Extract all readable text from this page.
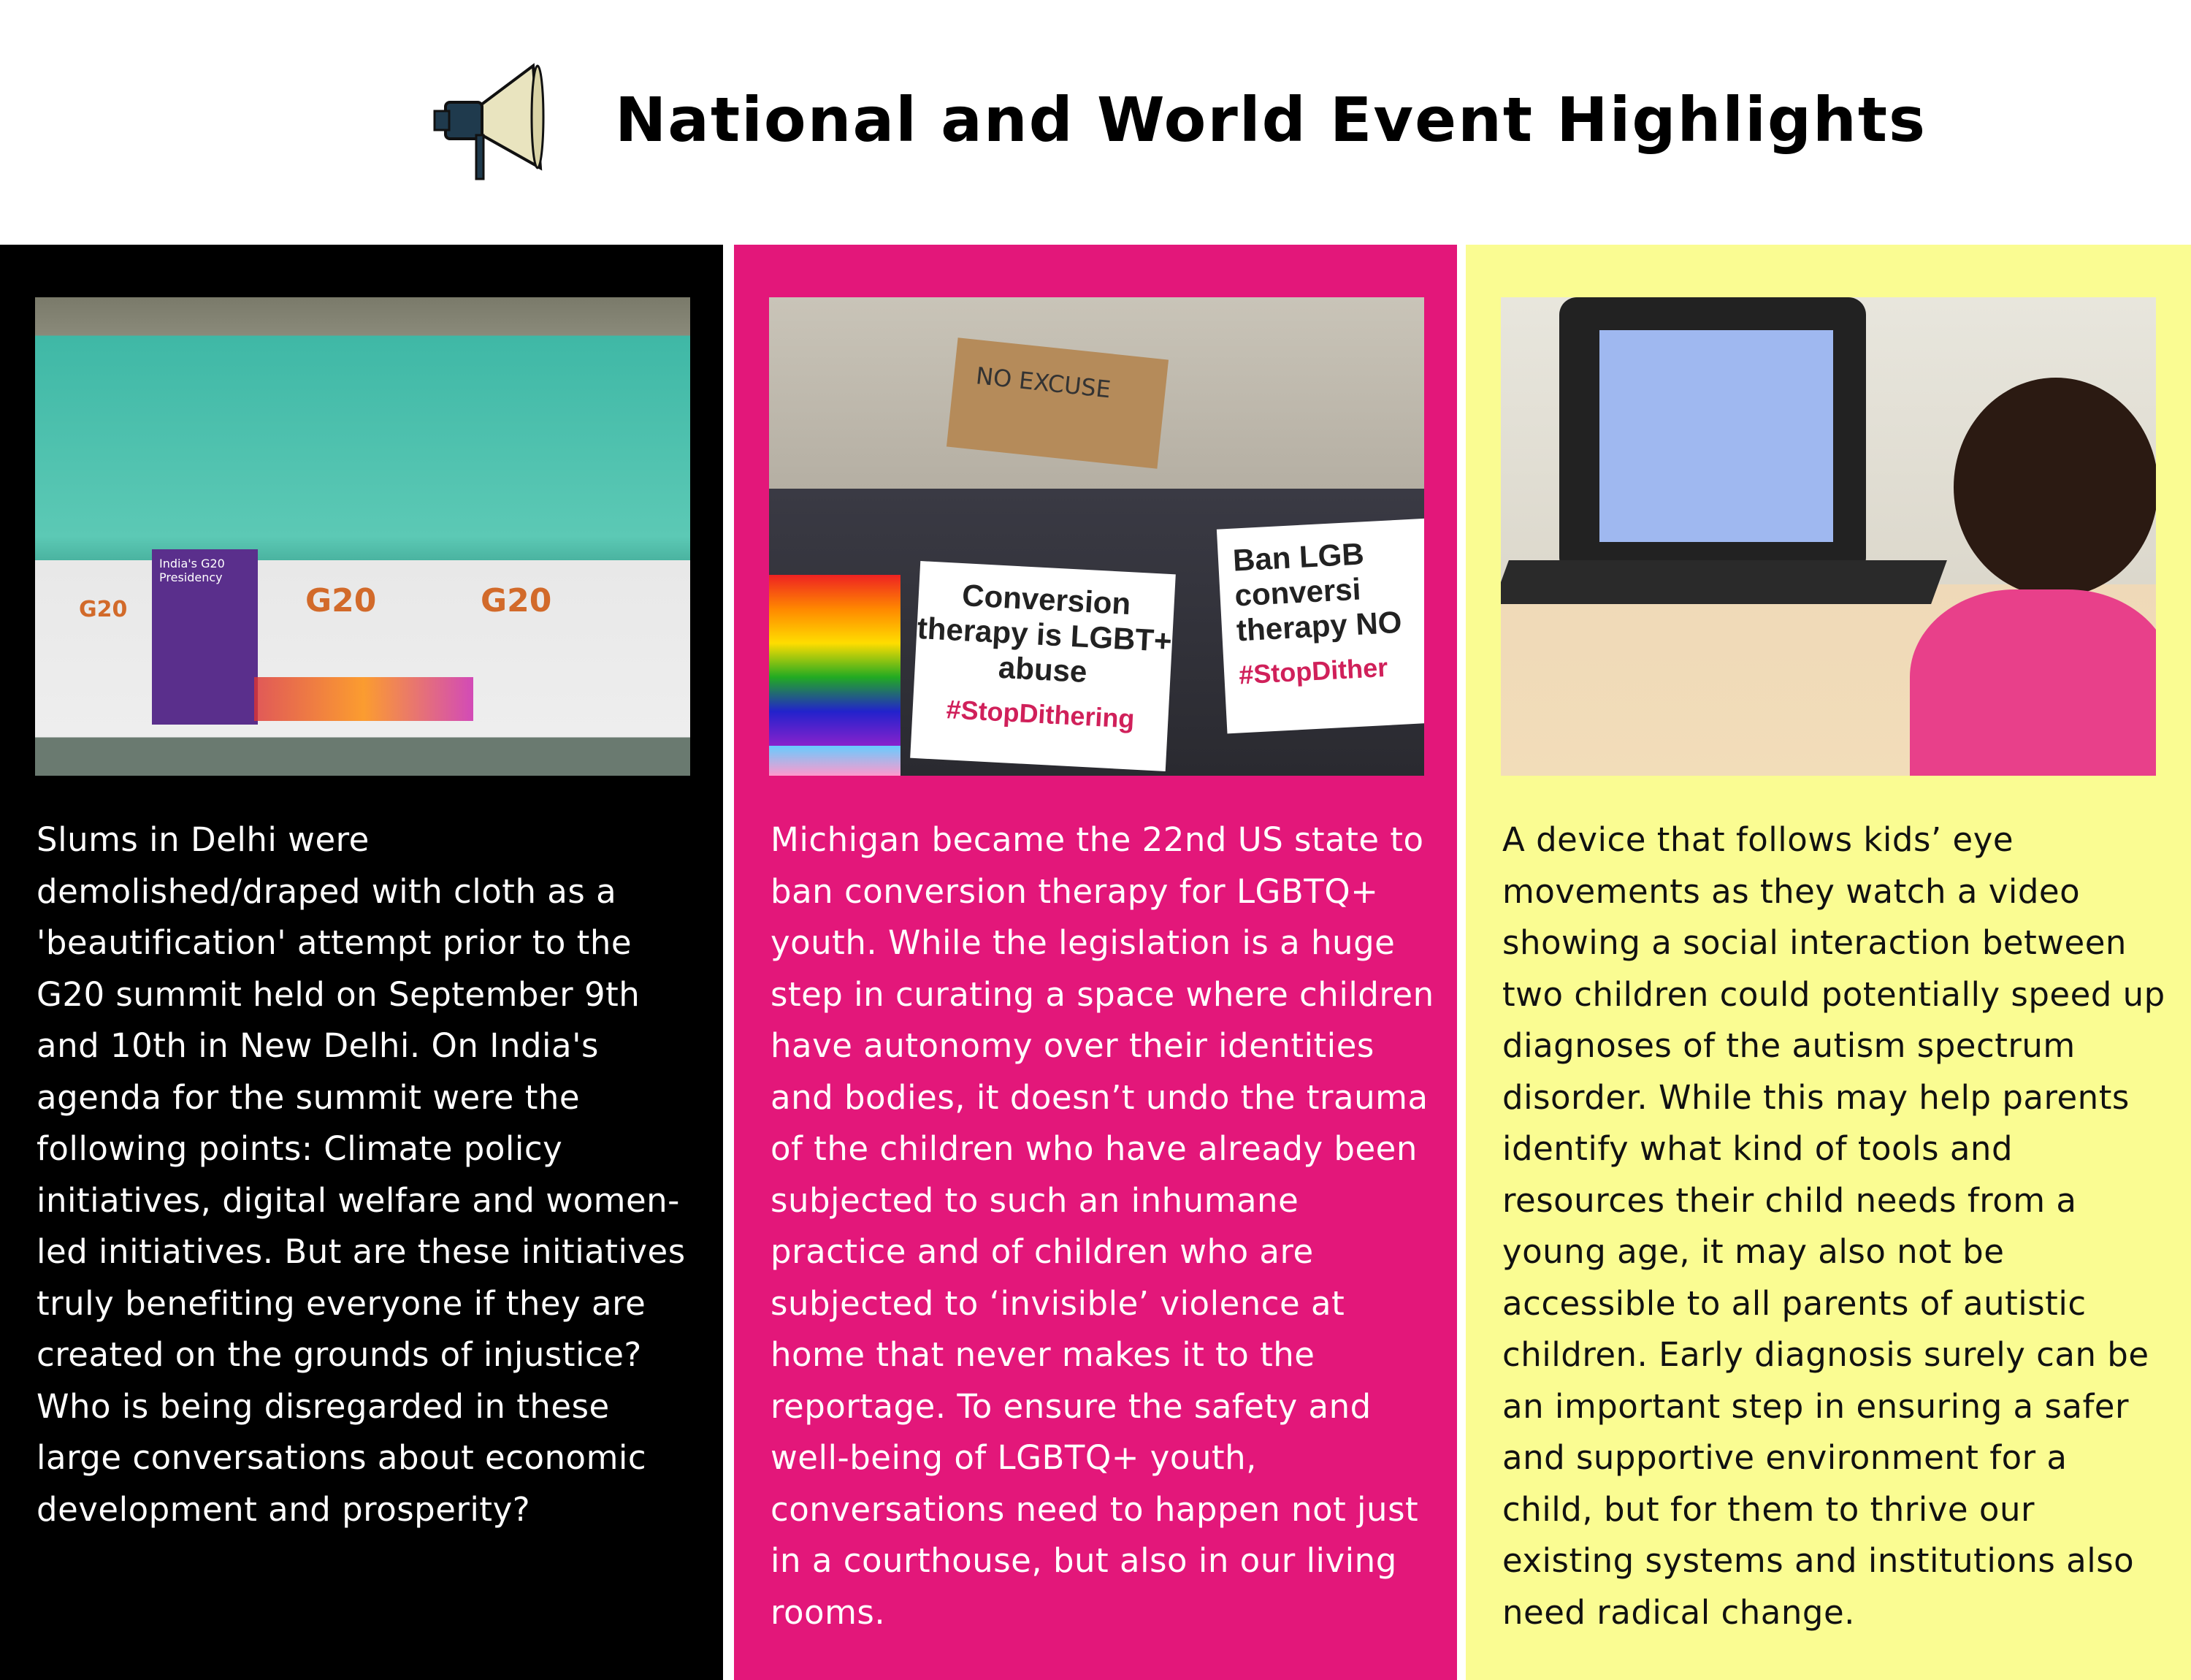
National and World Event Highlights
India's G20 Presidency
G20	G20
G20

Slums in Delhi were demolished/draped with cloth as a 'beautification' attempt prior to the G20 summit held on September 9th and 10th in New Delhi. On India's agenda for the summit were the following points: Climate policy initiatives, digital welfare and women-led initiatives. But are these initiatives truly benefiting everyone if they are created on the grounds of injustice? Who is being disregarded in these large conversations about economic development and prosperity?

NO EXCUSE
Conversion therapy is LGBT+ abuse
#StopDithering
Ban LGB conversi therapy NO
#StopDither

Michigan became the 22nd US state to ban conversion therapy for LGBTQ+ youth. While the legislation is a huge step in curating a space where children have autonomy over their identities and bodies, it doesn’t undo the trauma of the children who have already been subjected to such an inhumane practice and of children who are subjected to ‘invisible’ violence at home that never makes it to the reportage. To ensure the safety and well-being of LGBTQ+ youth, conversations need to happen not just in a courthouse, but also in our living rooms.

A device that follows kids’ eye movements as they watch a video showing a social interaction between two children could potentially speed up diagnoses of the autism spectrum disorder. While this may help parents identify what kind of tools and resources their child needs from a young age, it may also not be accessible to all parents of autistic children. Early diagnosis surely can be an important step in ensuring a safer and supportive environment for a child, but for them to thrive our existing systems and institutions also need radical change.
